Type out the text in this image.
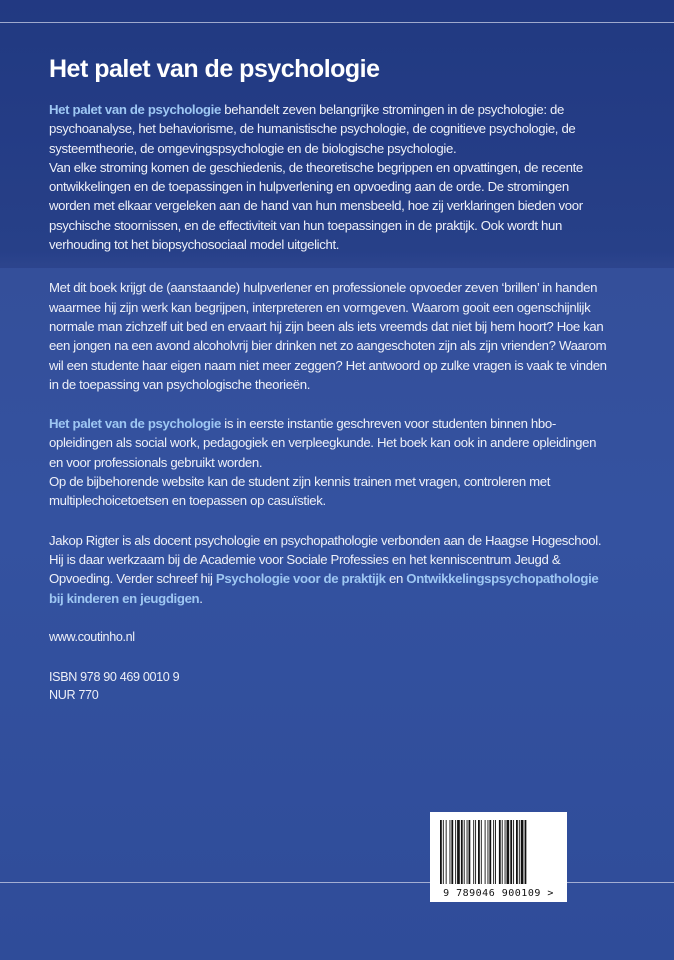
Het palet van de psychologie

Het palet van de psychologie behandelt zeven belangrijke stromingen in de psychologie: de psychoanalyse, het behaviorisme, de humanistische psychologie, de cognitieve psychologie, de systeemtheorie, de omgevingspsychologie en de biologische psychologie.

Van elke stroming komen de geschiedenis, de theoretische begrippen en opvattingen, de recente ontwikkelingen en de toepassingen in hulpverlening en opvoeding aan de orde. De stromingen worden met elkaar vergeleken aan de hand van hun mensbeeld, hoe zij verklaringen bieden voor psychische stoornissen, en de effectiviteit van hun toepassingen in de praktijk. Ook wordt hun verhouding tot het biopsychosociaal model uitgelicht.

Met dit boek krijgt de (aanstaande) hulpverlener en professionele opvoeder zeven ‘brillen’ in handen waarmee hij zijn werk kan begrijpen, interpreteren en vormgeven. Waarom gooit een ogenschijnlijk normale man zichzelf uit bed en ervaart hij zijn been als iets vreemds dat niet bij hem hoort? Hoe kan een jongen na een avond alcoholvrij bier drinken net zo aangeschoten zijn als zijn vrienden? Waarom wil een studente haar eigen naam niet meer zeggen? Het antwoord op zulke vragen is vaak te vinden in de toepassing van psychologische theorieën.

Het palet van de psychologie is in eerste instantie geschreven voor studenten binnen hbo-opleidingen als social work, pedagogiek en verpleegkunde. Het boek kan ook in andere opleidingen en voor professionals gebruikt worden.

Op de bijbehorende website kan de student zijn kennis trainen met vragen, controleren met multiplechoicetoetsen en toepassen op casuïstiek.

Jakop Rigter is als docent psychologie en psychopathologie verbonden aan de Haagse Hogeschool. Hij is daar werkzaam bij de Academie voor Sociale Professies en het kenniscentrum Jeugd & Opvoeding. Verder schreef hij Psychologie voor de praktijk en Ontwikkelingspsychopathologie bij kinderen en jeugdigen.

www.coutinho.nl

ISBN 978 90 469 0010 9

NUR 770

9 789046 900109 >
